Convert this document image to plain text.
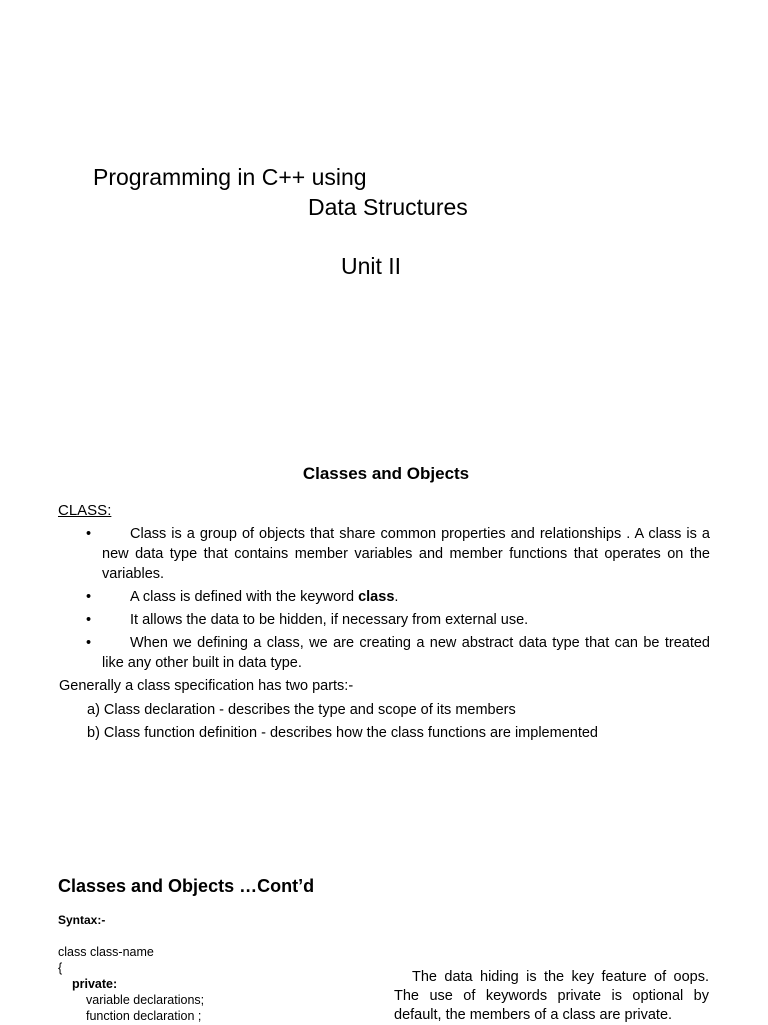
Programming in C++ using
Data Structures
Unit II
Classes and Objects
CLASS:
•	Class is a group of objects that share common properties and relationships . A class is a new data type that contains member variables and member functions that operates on the variables.
•	A class is defined with the keyword class.
•	It allows the data to be hidden, if necessary from external use.
•	When we defining a class, we are creating a new abstract data type that can be treated like any other built in data type.
Generally a class specification has two parts:-
a) Class declaration - describes the type and scope of its members
b) Class function definition - describes how the class functions are implemented
Classes and Objects …Cont’d
Syntax:-
class class-name
{
private:
variable declarations;
function declaration ;
The data hiding is the key feature of oops. The use of keywords private is optional by default, the members of a class are private.
